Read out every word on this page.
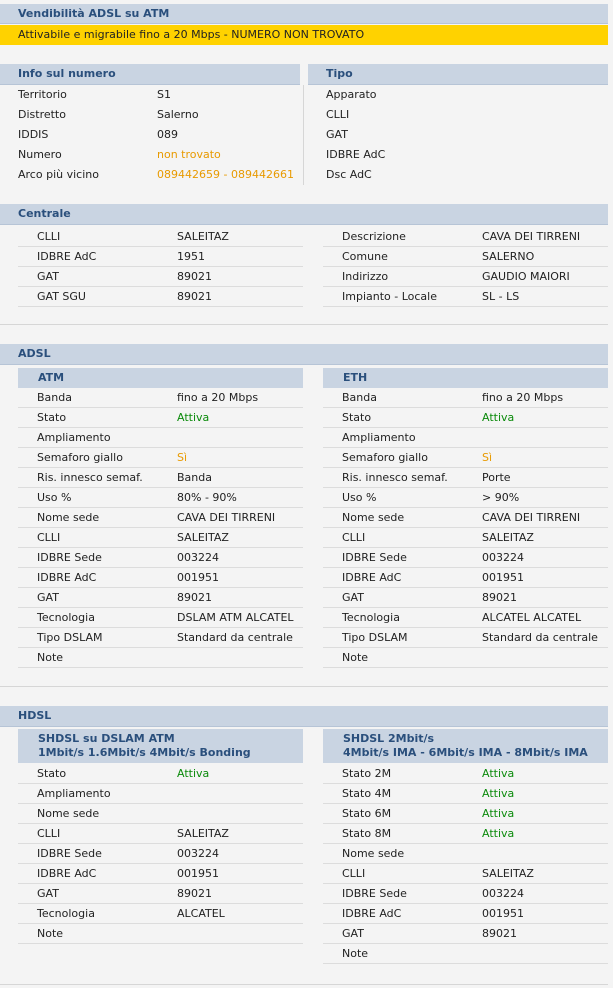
Vendibilità ADSL su ATM
Attivabile e migrabile fino a 20 Mbps - NUMERO NON TROVATO
Info sul numero	Tipo
Territorio	S1
Distretto	Salerno
IDDIS	089
Numero	non trovato
Arco più vicino	089442659 - 089442661
Apparato
CLLI
GAT
IDBRE AdC
Dsc AdC
Centrale
CLLI	SALEITAZ
IDBRE AdC	1951
GAT	89021
GAT SGU	89021
Descrizione	CAVA DEI TIRRENI
Comune	SALERNO
Indirizzo	GAUDIO MAIORI
Impianto - Locale	SL - LS
ADSL
ATM	ETH
Banda	fino a 20 Mbps
Stato	Attiva
Ampliamento
Semaforo giallo	Sì
Ris. innesco semaf.	Banda
Uso %	80% - 90%
Nome sede	CAVA DEI TIRRENI
CLLI	SALEITAZ
IDBRE Sede	003224
IDBRE AdC	001951
GAT	89021
Tecnologia	DSLAM ATM ALCATEL
Tipo DSLAM	Standard da centrale
Note
Banda	fino a 20 Mbps
Stato	Attiva
Ampliamento
Semaforo giallo	Sì
Ris. innesco semaf.	Porte
Uso %	> 90%
Nome sede	CAVA DEI TIRRENI
CLLI	SALEITAZ
IDBRE Sede	003224
IDBRE AdC	001951
GAT	89021
Tecnologia	ALCATEL ALCATEL
Tipo DSLAM	Standard da centrale
Note
HDSL
SHDSL su DSLAM ATM
1Mbit/s 1.6Mbit/s 4Mbit/s Bonding
SHDSL 2Mbit/s
4Mbit/s IMA - 6Mbit/s IMA - 8Mbit/s IMA
Stato	Attiva
Ampliamento
Nome sede
CLLI	SALEITAZ
IDBRE Sede	003224
IDBRE AdC	001951
GAT	89021
Tecnologia	ALCATEL
Note
Stato 2M	Attiva
Stato 4M	Attiva
Stato 6M	Attiva
Stato 8M	Attiva
Nome sede
CLLI	SALEITAZ
IDBRE Sede	003224
IDBRE AdC	001951
GAT	89021
Note
